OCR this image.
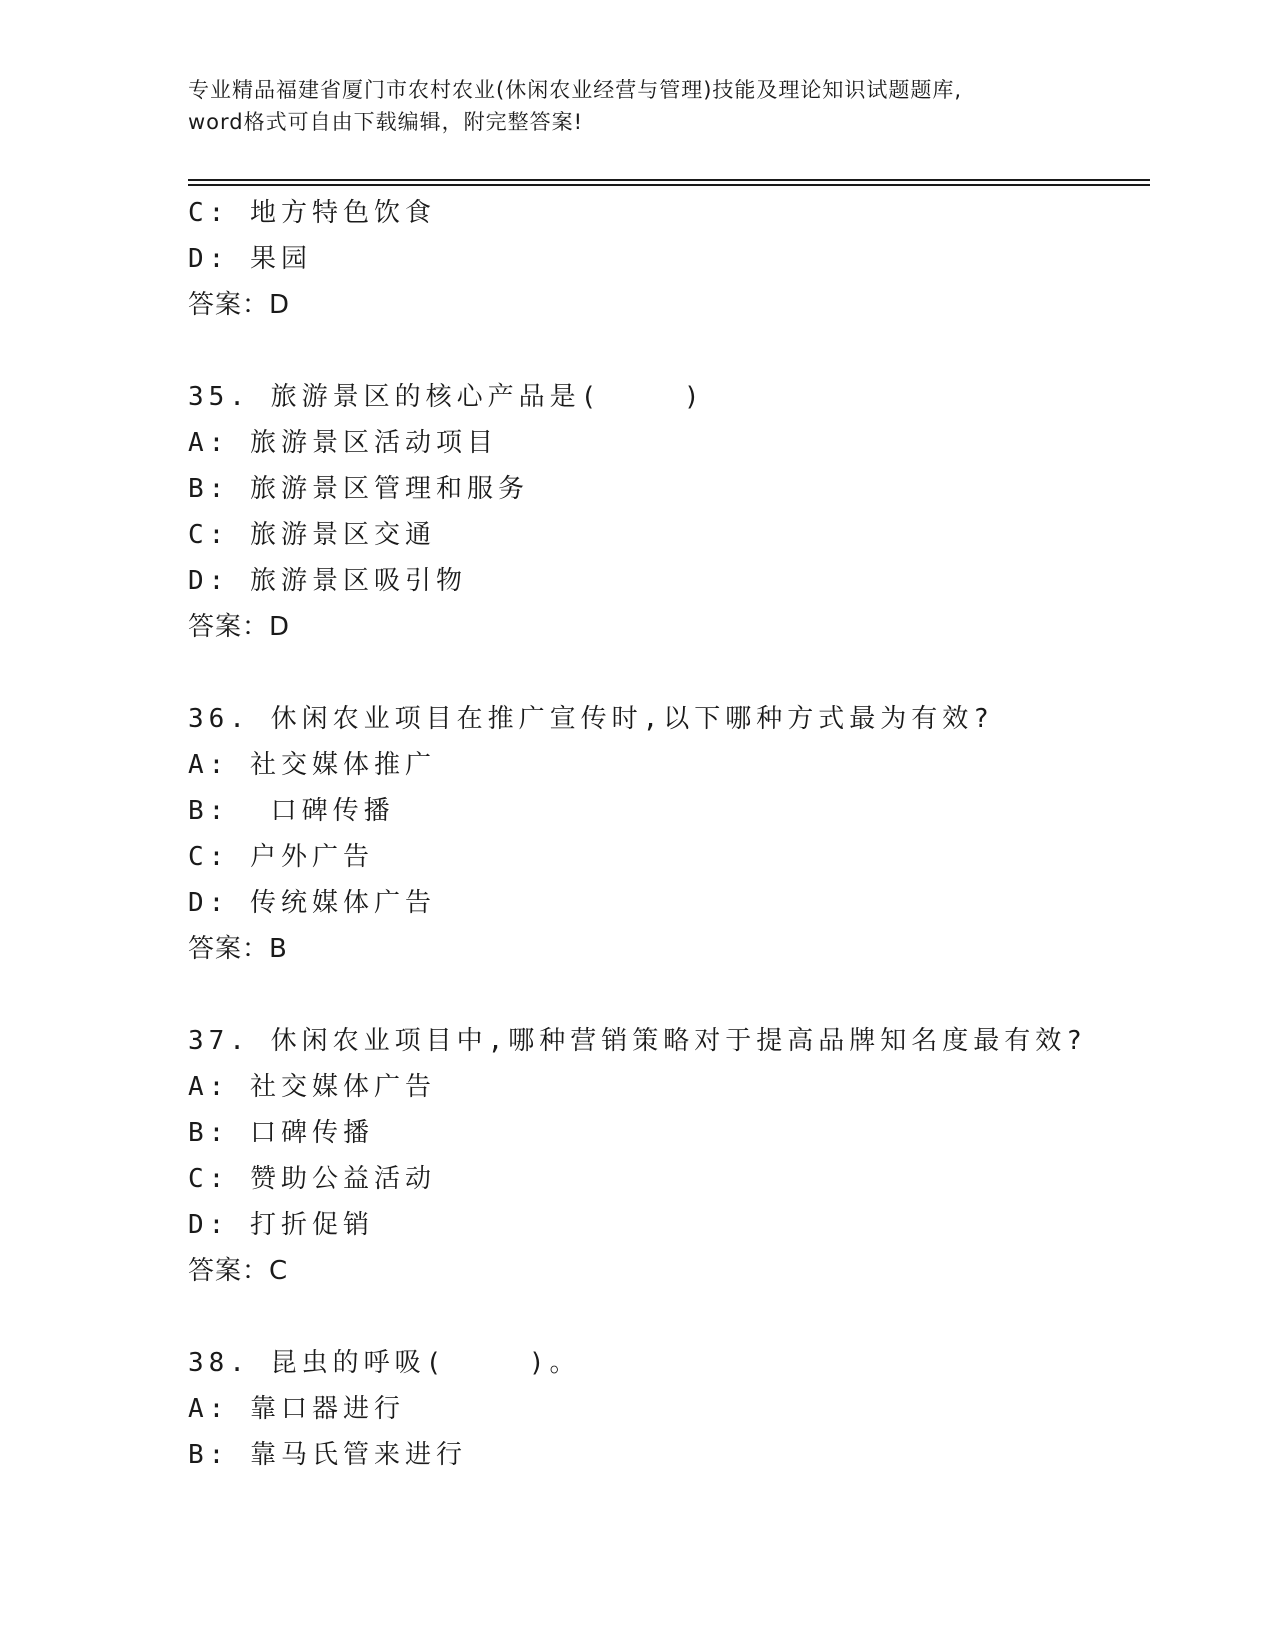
专业精品福建省厦门市农村农业(休闲农业经营与管理)技能及理论知识试题题库,
word格式可自由下载编辑，附完整答案!
C: 地方特色饮食
D: 果园
答案：D
35. 旅游景区的核心产品是(    )
A: 旅游景区活动项目
B: 旅游景区管理和服务
C: 旅游景区交通
D: 旅游景区吸引物
答案：D
36. 休闲农业项目在推广宣传时,以下哪种方式最为有效?
A: 社交媒体推广
B:  口碑传播
C: 户外广告
D: 传统媒体广告
答案：B
37. 休闲农业项目中,哪种营销策略对于提高品牌知名度最有效?
A: 社交媒体广告
B: 口碑传播
C: 赞助公益活动
D: 打折促销
答案：C
38. 昆虫的呼吸(    )。
A: 靠口器进行
B: 靠马氏管来进行
